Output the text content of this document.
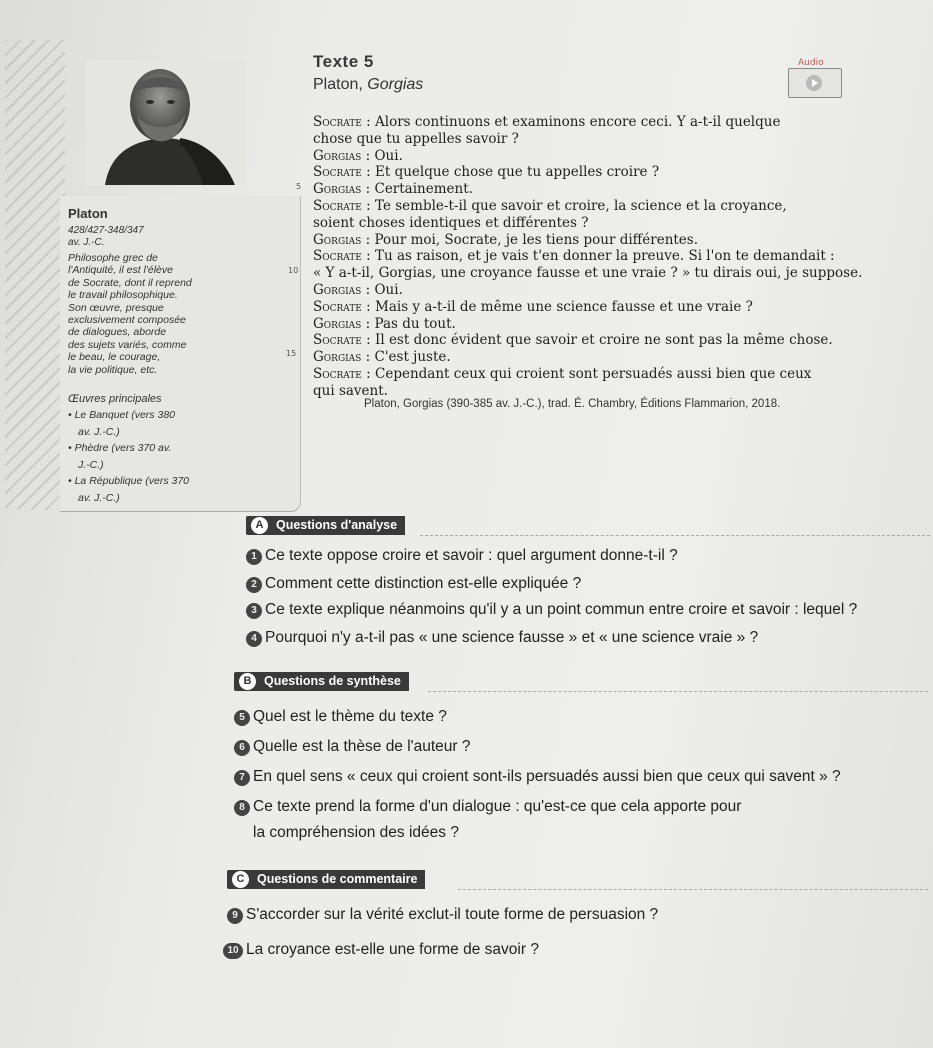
Texte 5
Platon, Gorgias
Audio
Platon
428/427-348/347
av. J.-C.
Philosophe grec de
l'Antiquité, il est l'élève
de Socrate, dont il reprend
le travail philosophique.
Son œuvre, presque
exclusivement composée
de dialogues, aborde
des sujets variés, comme
le beau, le courage,
la vie politique, etc.
Œuvres principales
• Le Banquet (vers 380
av. J.-C.)
• Phèdre (vers 370 av.
J.-C.)
• La République (vers 370
av. J.-C.)
Socrate : Alors continuons et examinons encore ceci. Y a-t-il quelque
chose que tu appelles savoir ?
Gorgias : Oui.
Socrate : Et quelque chose que tu appelles croire ?
Gorgias : Certainement.
Socrate : Te semble-t-il que savoir et croire, la science et la croyance,
soient choses identiques et différentes ?
Gorgias : Pour moi, Socrate, je les tiens pour différentes.
Socrate : Tu as raison, et je vais t'en donner la preuve. Si l'on te demandait :
« Y a-t-il, Gorgias, une croyance fausse et une vraie ? » tu dirais oui, je suppose.
Gorgias : Oui.
Socrate : Mais y a-t-il de même une science fausse et une vraie ?
Gorgias : Pas du tout.
Socrate : Il est donc évident que savoir et croire ne sont pas la même chose.
Gorgias : C'est juste.
Socrate : Cependant ceux qui croient sont persuadés aussi bien que ceux
qui savent.
5
10
15
Platon, Gorgias (390-385 av. J.-C.), trad. É. Chambry, Éditions Flammarion, 2018.
A	Questions d'analyse
1 Ce texte oppose croire et savoir : quel argument donne-t-il ?
2 Comment cette distinction est-elle expliquée ?
3 Ce texte explique néanmoins qu'il y a un point commun entre croire et savoir : lequel ?
4 Pourquoi n'y a-t-il pas « une science fausse » et « une science vraie » ?
B	Questions de synthèse
5 Quel est le thème du texte ?
6 Quelle est la thèse de l'auteur ?
7 En quel sens « ceux qui croient sont-ils persuadés aussi bien que ceux qui savent » ?
8 Ce texte prend la forme d'un dialogue : qu'est-ce que cela apporte pour
la compréhension des idées ?
C	Questions de commentaire
9 S'accorder sur la vérité exclut-il toute forme de persuasion ?
10 La croyance est-elle une forme de savoir ?
